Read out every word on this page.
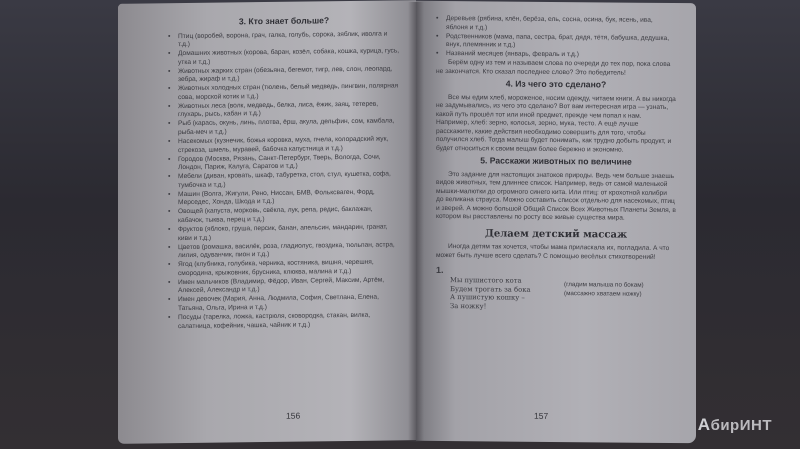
3. Кто знает больше?
• Птиц (воробей, ворона, грач, галка, голубь, сорока, зяблик, иволга и т.д.)
• Домашних животных (корова, баран, козёл, собака, кошка, курица, гусь, утка и т.д.)
• Животных жарких стран (обезьяна, бегемот, тигр, лев, слон, леопард, зебра, жираф и т.д.)
• Животных холодных стран (тюлень, белый медведь, пингвин, полярная сова, морской котик и т.д.)
• Животных леса (волк, медведь, белка, лиса, ёжик, заяц, тетерев, глухарь, рысь, кабан и т.д.)
• Рыб (карась, окунь, линь, плотва, ёрш, акула, дельфин, сом, камбала, рыба-меч и т.д.)
• Насекомых (кузнечик, божья коровка, муха, пчела, колорадский жук, стрекоза, шмель, муравей, бабочка капустница и т.д.)
• Городов (Москва, Рязань, Санкт-Петербург, Тверь, Вологда, Сочи, Лондон, Париж, Калуга, Саратов и т.д.)
• Мебели (диван, кровать, шкаф, табуретка, стол, стул, кушетка, софа, тумбочка и т.д.)
• Машин (Волга, Жигули, Рено, Ниссан, БМВ, Фольксваген, Форд, Мерседес, Хонда, Шкода и т.д.)
• Овощей (капуста, морковь, свёкла, лук, репа, редис, баклажан, кабачок, тыква, перец и т.д.)
• Фруктов (яблоко, груша, персик, банан, апельсин, мандарин, гранат, киви и т.д.)
• Цветов (ромашка, василёк, роза, гладиолус, гвоздика, тюльпан, астра, лилия, одуванчик, пион и т.д.)
• Ягод (клубника, голубика, черника, костяника, вишня, черешня, смородина, крыжовник, брусника, клюква, малина и т.д.)
• Имен мальчиков (Владимир, Фёдор, Иван, Сергей, Максим, Артём, Алексей, Александр и т.д.)
• Имен девочек (Мария, Анна, Людмила, София, Светлана, Елена, Татьяна, Ольга, Ирина и т.д.)
• Посуды (тарелка, ложка, кастрюля, сковородка, стакан, вилка, салатница, кофейник, чашка, чайник и т.д.)
156
• Деревьев (рябина, клён, берёза, ель, сосна, осина, бук, ясень, ива, яблоня и т.д.)
• Родственников (мама, папа, сестра, брат, дядя, тётя, бабушка, дедушка, внук, племянник и т.д.)
• Названий месяцев (январь, февраль и т.д.)

Берём одну из тем и называем слова по очереди до тех пор, пока слова не закончатся. Кто сказал последнее слово? Это победитель!

4. Из чего это сделано?

Все мы едим хлеб, мороженое, носим одежду, читаем книги. А вы никогда не задумывались, из чего это сделано? Вот вам интересная игра — узнать, какой путь прошёл тот или иной предмет, прежде чем попал к нам. Например, хлеб: зерно, колосья, зерно, мука, тесто. А ещё лучше расскажите, какие действия необходимо совершить для того, чтобы получился хлеб. Тогда малыш будет понимать, как трудно добыть продукт, и будет относиться к своим вещам более бережно и экономно.

5. Расскажи животных по величине

Это задание для настоящих знатоков природы. Ведь чем больше знаешь видов животных, тем длиннее список. Например, ведь от самой маленькой мышки-малютки до огромного синего кита. Или птиц: от крохотной колибри до великана страуса. Можно составить список отдельно для насекомых, птиц и зверей. А можно большой Общий Список Всех Животных Планеты Земля, в котором вы расставлены по росту все живые существа мира.

Делаем детский массаж

Иногда детям так хочется, чтобы мама приласкала их, погладила. А что может быть лучше всего сделать? С помощью весёлых стихотворений!

1.
Мы пушистого кота
Будем трогать за бока
А пушистую кошку –
За ножку!
(гладим малыша по бокам)
(массажно хватаем ножку)
157	АбирИНТ
